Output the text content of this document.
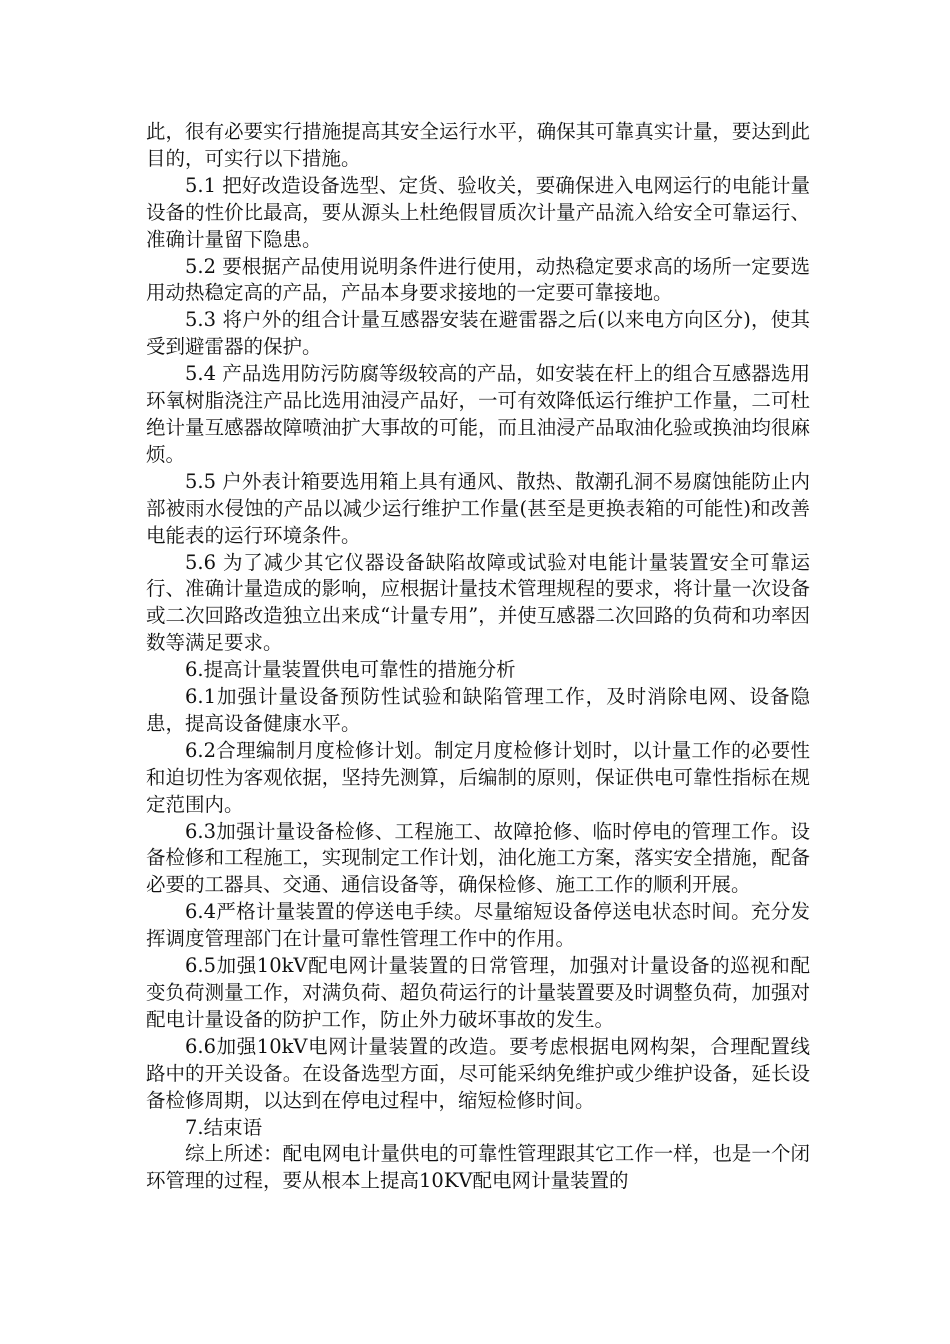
此，很有必要实行措施提高其安全运行水平，确保其可靠真实计量，要达到此目的，可实行以下措施。

5.1 把好改造设备选型、定货、验收关，要确保进入电网运行的电能计量设备的性价比最高，要从源头上杜绝假冒质次计量产品流入给安全可靠运行、准确计量留下隐患。

5.2 要根据产品使用说明条件进行使用，动热稳定要求高的场所一定要选用动热稳定高的产品，产品本身要求接地的一定要可靠接地。

5.3 将户外的组合计量互感器安装在避雷器之后(以来电方向区分)，使其受到避雷器的保护。

5.4 产品选用防污防腐等级较高的产品，如安装在杆上的组合互感器选用环氧树脂浇注产品比选用油浸产品好，一可有效降低运行维护工作量，二可杜绝计量互感器故障喷油扩大事故的可能，而且油浸产品取油化验或换油均很麻烦。

5.5 户外表计箱要选用箱上具有通风、散热、散潮孔洞不易腐蚀能防止内部被雨水侵蚀的产品以减少运行维护工作量(甚至是更换表箱的可能性)和改善电能表的运行环境条件。

5.6 为了减少其它仪器设备缺陷故障或试验对电能计量装置安全可靠运行、准确计量造成的影响，应根据计量技术管理规程的要求，将计量一次设备或二次回路改造独立出来成“计量专用”，并使互感器二次回路的负荷和功率因数等满足要求。

6.提高计量装置供电可靠性的措施分析

6.1加强计量设备预防性试验和缺陷管理工作，及时消除电网、设备隐患，提高设备健康水平。

6.2合理编制月度检修计划。制定月度检修计划时，以计量工作的必要性和迫切性为客观依据，坚持先测算，后编制的原则，保证供电可靠性指标在规定范围内。

6.3加强计量设备检修、工程施工、故障抢修、临时停电的管理工作。设备检修和工程施工，实现制定工作计划，油化施工方案，落实安全措施，配备必要的工器具、交通、通信设备等，确保检修、施工工作的顺利开展。

6.4严格计量装置的停送电手续。尽量缩短设备停送电状态时间。充分发挥调度管理部门在计量可靠性管理工作中的作用。

6.5加强10kV配电网计量装置的日常管理，加强对计量设备的巡视和配变负荷测量工作，对满负荷、超负荷运行的计量装置要及时调整负荷，加强对配电计量设备的防护工作，防止外力破坏事故的发生。

6.6加强10kV电网计量装置的改造。要考虑根据电网构架，合理配置线路中的开关设备。在设备选型方面，尽可能采纳免维护或少维护设备，延长设备检修周期，以达到在停电过程中，缩短检修时间。

7.结束语

综上所述：配电网电计量供电的可靠性管理跟其它工作一样，也是一个闭环管理的过程，要从根本上提高10KV配电网计量装置的
